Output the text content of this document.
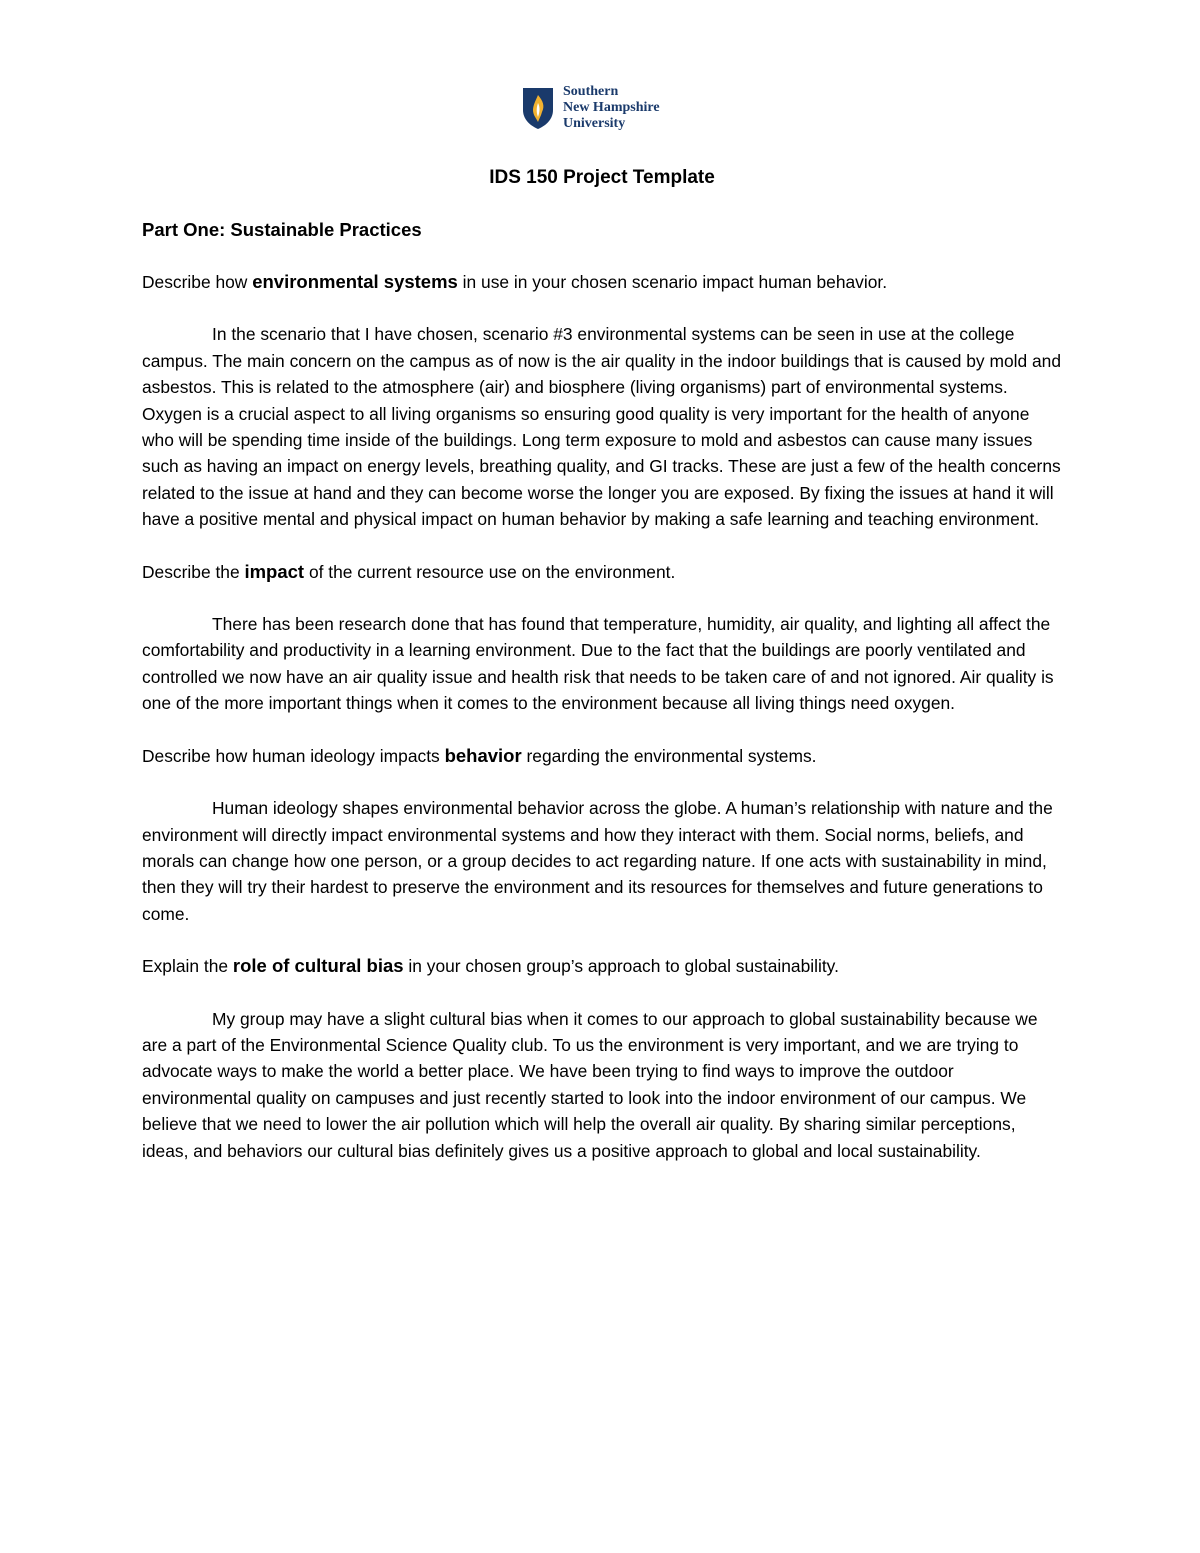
Southern
New Hampshire
University

IDS 150 Project Template

Part One: Sustainable Practices

Describe how environmental systems in use in your chosen scenario impact human behavior.

In the scenario that I have chosen, scenario #3 environmental systems can be seen in use at the college campus. The main concern on the campus as of now is the air quality in the indoor buildings that is caused by mold and asbestos. This is related to the atmosphere (air) and biosphere (living organisms) part of environmental systems. Oxygen is a crucial aspect to all living organisms so ensuring good quality is very important for the health of anyone who will be spending time inside of the buildings. Long term exposure to mold and asbestos can cause many issues such as having an impact on energy levels, breathing quality, and GI tracks. These are just a few of the health concerns related to the issue at hand and they can become worse the longer you are exposed. By fixing the issues at hand it will have a positive mental and physical impact on human behavior by making a safe learning and teaching environment.

Describe the impact of the current resource use on the environment.

There has been research done that has found that temperature, humidity, air quality, and lighting all affect the comfortability and productivity in a learning environment. Due to the fact that the buildings are poorly ventilated and controlled we now have an air quality issue and health risk that needs to be taken care of and not ignored. Air quality is one of the more important things when it comes to the environment because all living things need oxygen.

Describe how human ideology impacts behavior regarding the environmental systems.

Human ideology shapes environmental behavior across the globe. A human’s relationship with nature and the environment will directly impact environmental systems and how they interact with them. Social norms, beliefs, and morals can change how one person, or a group decides to act regarding nature. If one acts with sustainability in mind, then they will try their hardest to preserve the environment and its resources for themselves and future generations to come.

Explain the role of cultural bias in your chosen group’s approach to global sustainability.

My group may have a slight cultural bias when it comes to our approach to global sustainability because we are a part of the Environmental Science Quality club. To us the environment is very important, and we are trying to advocate ways to make the world a better place. We have been trying to find ways to improve the outdoor environmental quality on campuses and just recently started to look into the indoor environment of our campus. We believe that we need to lower the air pollution which will help the overall air quality. By sharing similar perceptions, ideas, and behaviors our cultural bias definitely gives us a positive approach to global and local sustainability.
